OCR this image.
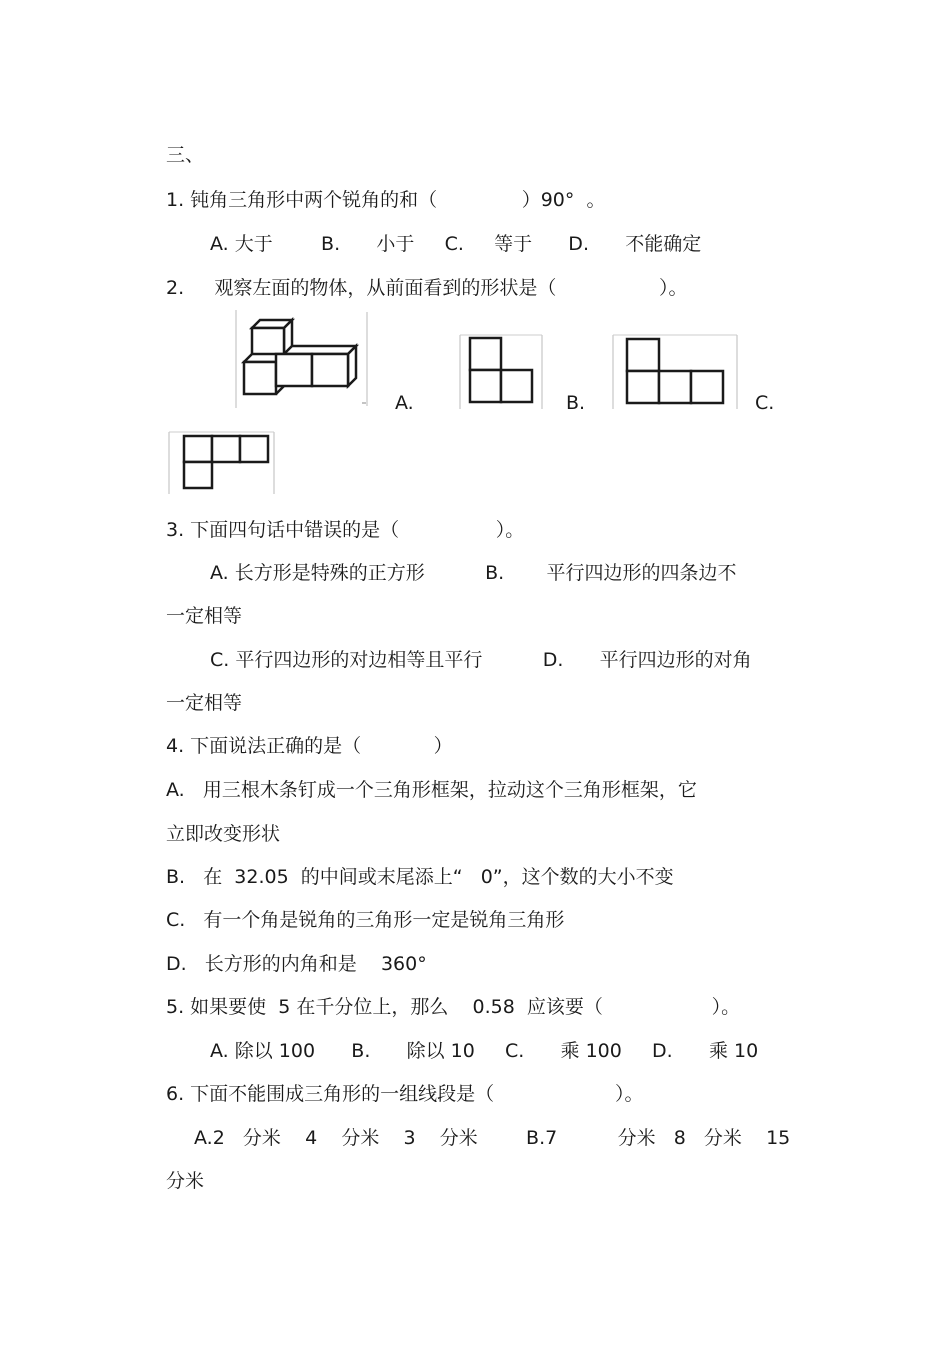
三、
1. 钝角三角形中两个锐角的和（              ）90°  。
A. 大于        B.      小于     C.     等于      D.      不能确定
2.     观察左面的物体，从前面看到的形状是（                 ）。
A.	B.	C.
3. 下面四句话中错误的是（                ）。
A. 长方形是特殊的正方形          B.       平行四边形的四条边不
一定相等
C. 平行四边形的对边相等且平行          D.      平行四边形的对角
一定相等
4. 下面说法正确的是（            ）
A.   用三根木条钉成一个三角形框架，拉动这个三角形框架，它
立即改变形状
B.   在  32.05  的中间或末尾添上“   0”，这个数的大小不变
C.   有一个角是锐角的三角形一定是锐角三角形
D.   长方形的内角和是    360°
5. 如果要使  5 在千分位上，那么    0.58  应该要（                  ）。
A. 除以 100      B.      除以 10     C.      乘 100     D.      乘 10
6. 下面不能围成三角形的一组线段是（                    ）。
A.2   分米    4    分米    3    分米        B.7          分米   8   分米    15
分米
